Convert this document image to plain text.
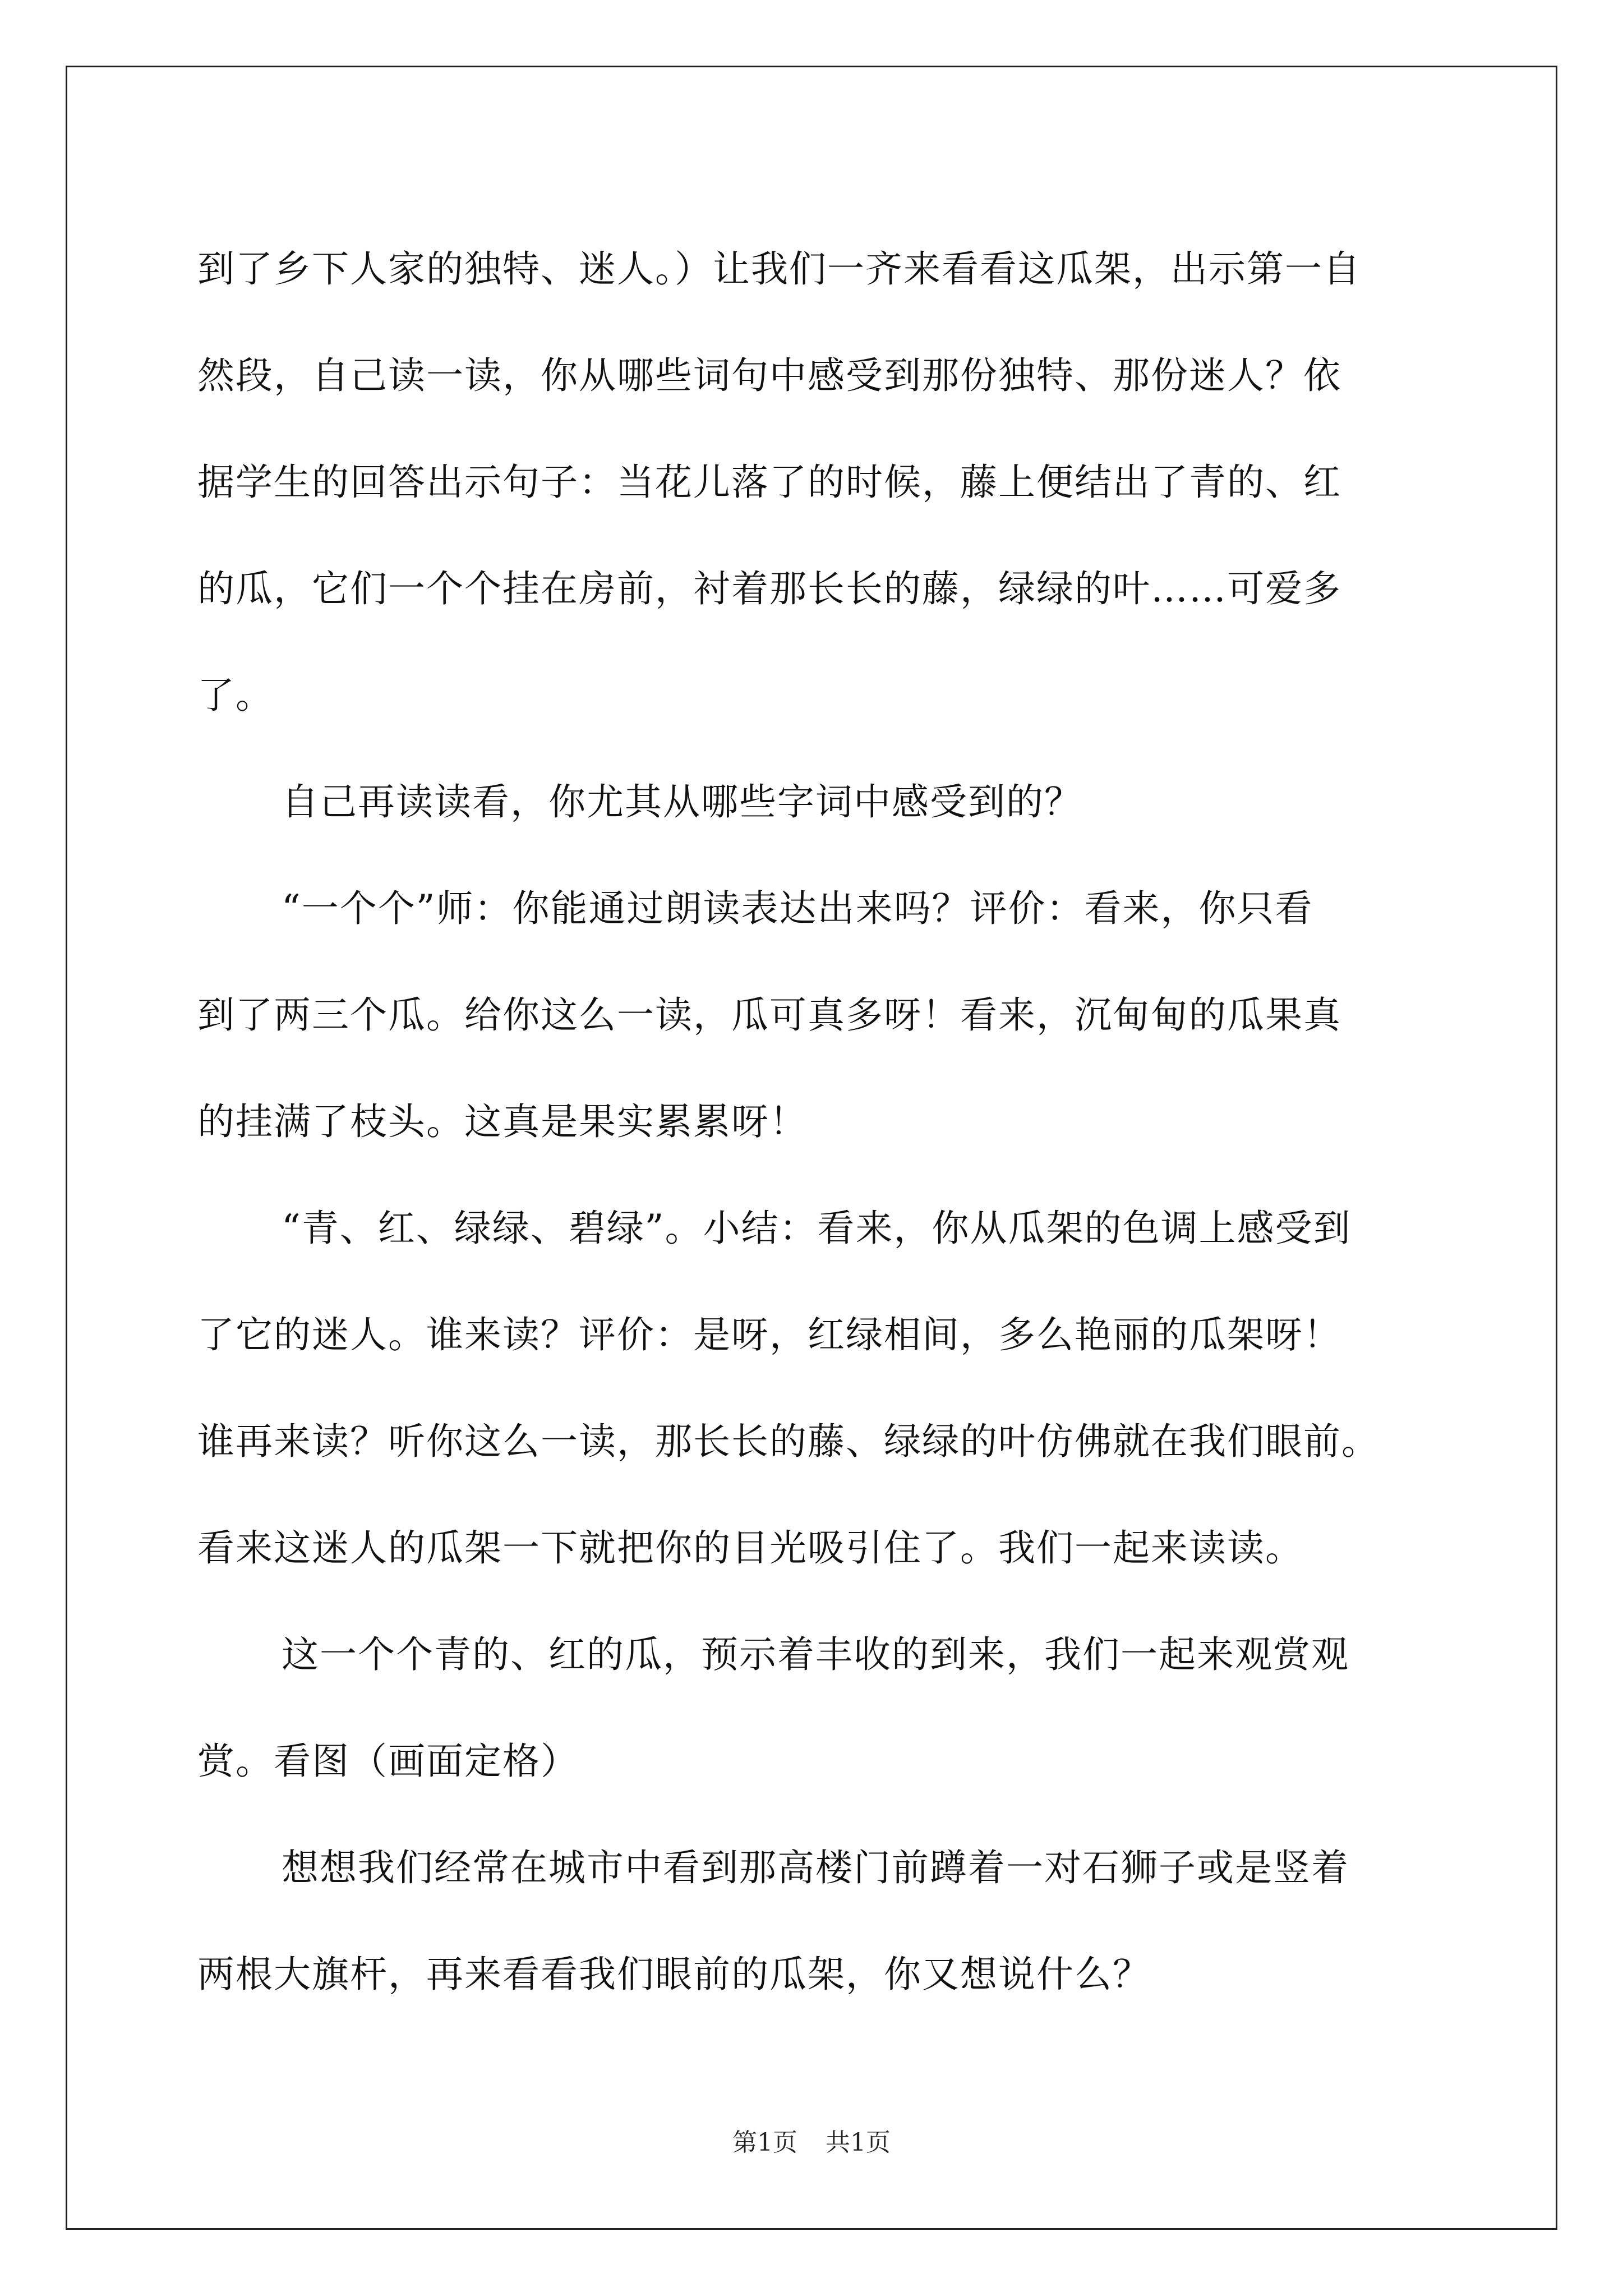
到了乡下人家的独特、迷人。）让我们一齐来看看这瓜架，出示第一自
然段，自己读一读，你从哪些词句中感受到那份独特、那份迷人？依
据学生的回答出示句子：当花儿落了的时候，藤上便结出了青的、红
的瓜，它们一个个挂在房前，衬着那长长的藤，绿绿的叶……可爱多
了。
自己再读读看，你尤其从哪些字词中感受到的？
“一个个”师：你能通过朗读表达出来吗？评价：看来，你只看
到了两三个瓜。给你这么一读，瓜可真多呀！看来，沉甸甸的瓜果真
的挂满了枝头。这真是果实累累呀！
“青、红、绿绿、碧绿”。小结：看来，你从瓜架的色调上感受到
了它的迷人。谁来读？评价：是呀，红绿相间，多么艳丽的瓜架呀！
谁再来读？听你这么一读，那长长的藤、绿绿的叶仿佛就在我们眼前。
看来这迷人的瓜架一下就把你的目光吸引住了。我们一起来读读。
这一个个青的、红的瓜，预示着丰收的到来，我们一起来观赏观
赏。看图（画面定格）
想想我们经常在城市中看到那高楼门前蹲着一对石狮子或是竖着
两根大旗杆，再来看看我们眼前的瓜架，你又想说什么？
第1页 共1页
